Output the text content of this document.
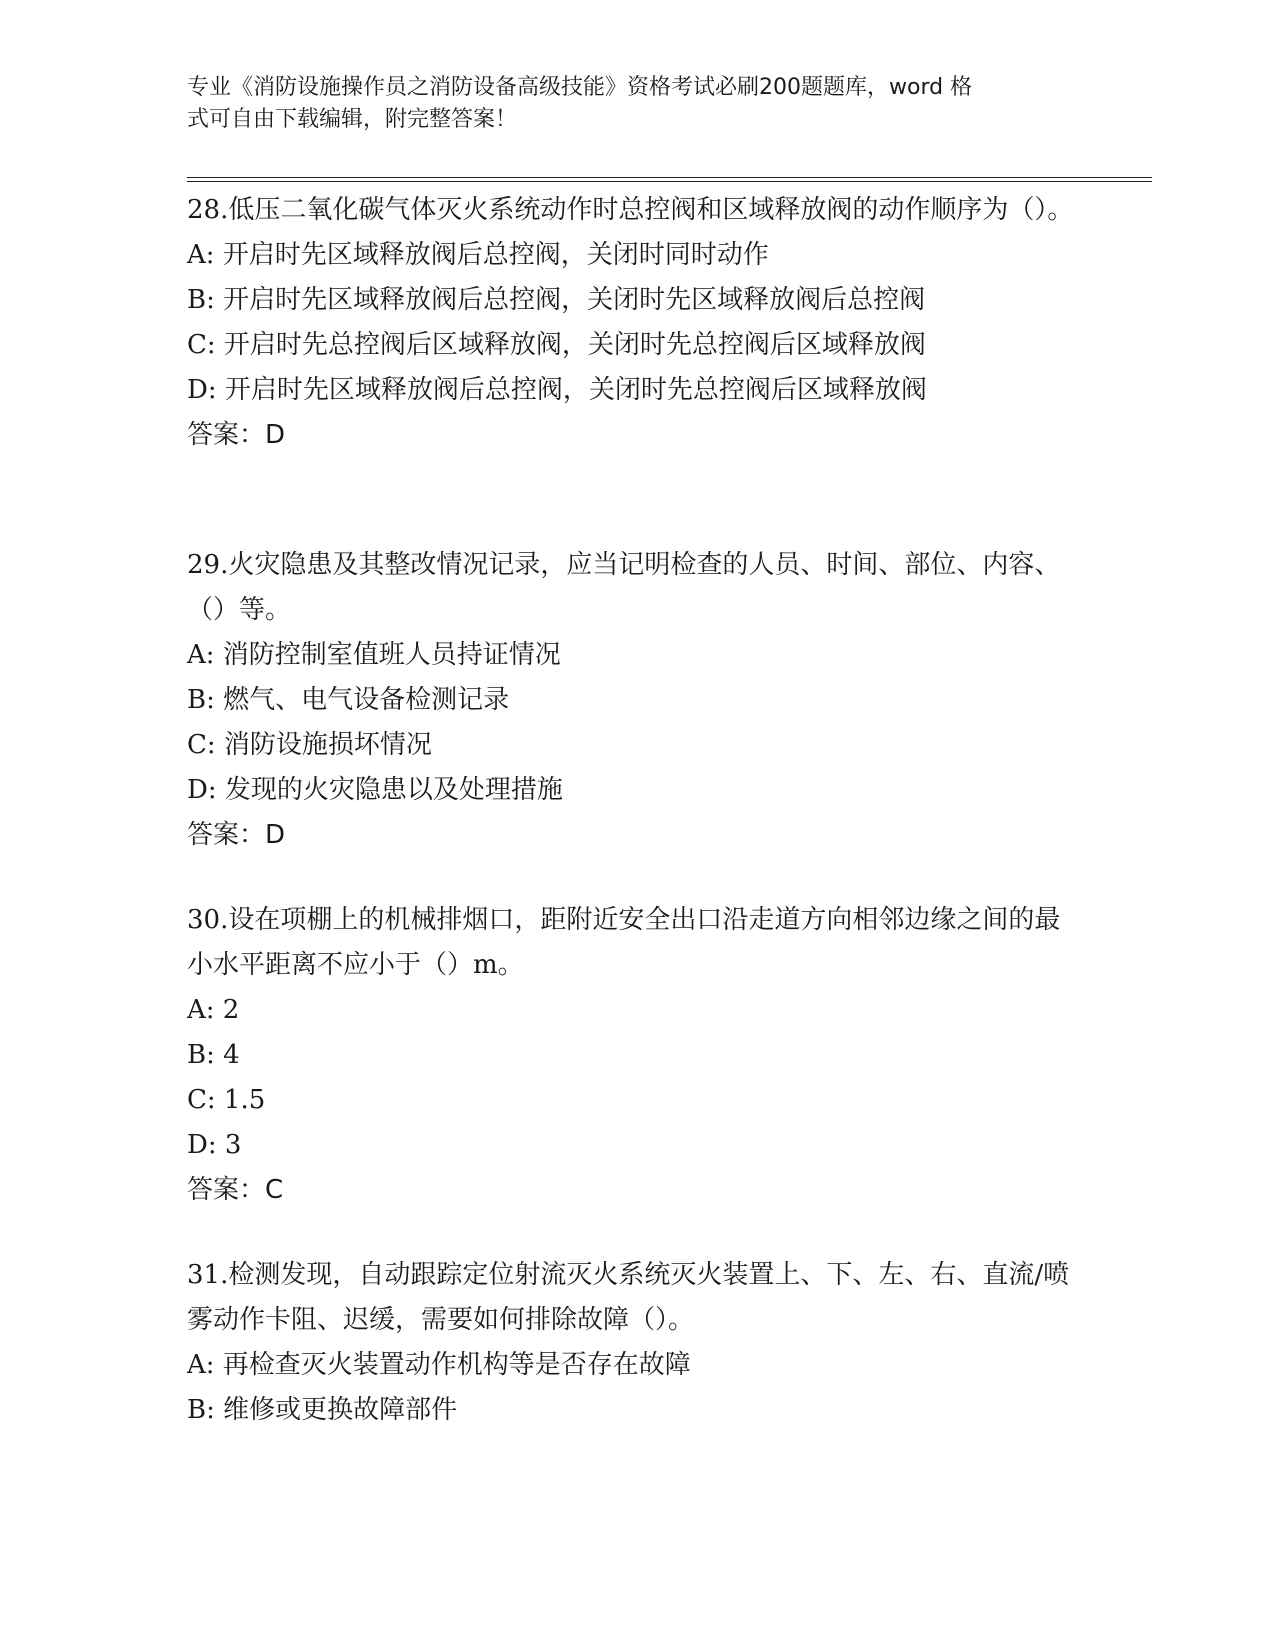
专业《消防设施操作员之消防设备高级技能》资格考试必刷200题题库，word 格
式可自由下载编辑，附完整答案！
28.低压二氧化碳气体灭火系统动作时总控阀和区域释放阀的动作顺序为（）。
A: 开启时先区域释放阀后总控阀，关闭时同时动作
B: 开启时先区域释放阀后总控阀，关闭时先区域释放阀后总控阀
C: 开启时先总控阀后区域释放阀，关闭时先总控阀后区域释放阀
D: 开启时先区域释放阀后总控阀，关闭时先总控阀后区域释放阀
答案：D
29.火灾隐患及其整改情况记录，应当记明检查的人员、时间、部位、内容、（）等。
A: 消防控制室值班人员持证情况
B: 燃气、电气设备检测记录
C: 消防设施损坏情况
D: 发现的火灾隐患以及处理措施
答案：D
30.设在项棚上的机械排烟口，距附近安全出口沿走道方向相邻边缘之间的最小水平距离不应小于（）m。
A: 2
B: 4
C: 1.5
D: 3
答案：C
31.检测发现，自动跟踪定位射流灭火系统灭火装置上、下、左、右、直流/喷雾动作卡阻、迟缓，需要如何排除故障（）。
A: 再检查灭火装置动作机构等是否存在故障
B: 维修或更换故障部件
